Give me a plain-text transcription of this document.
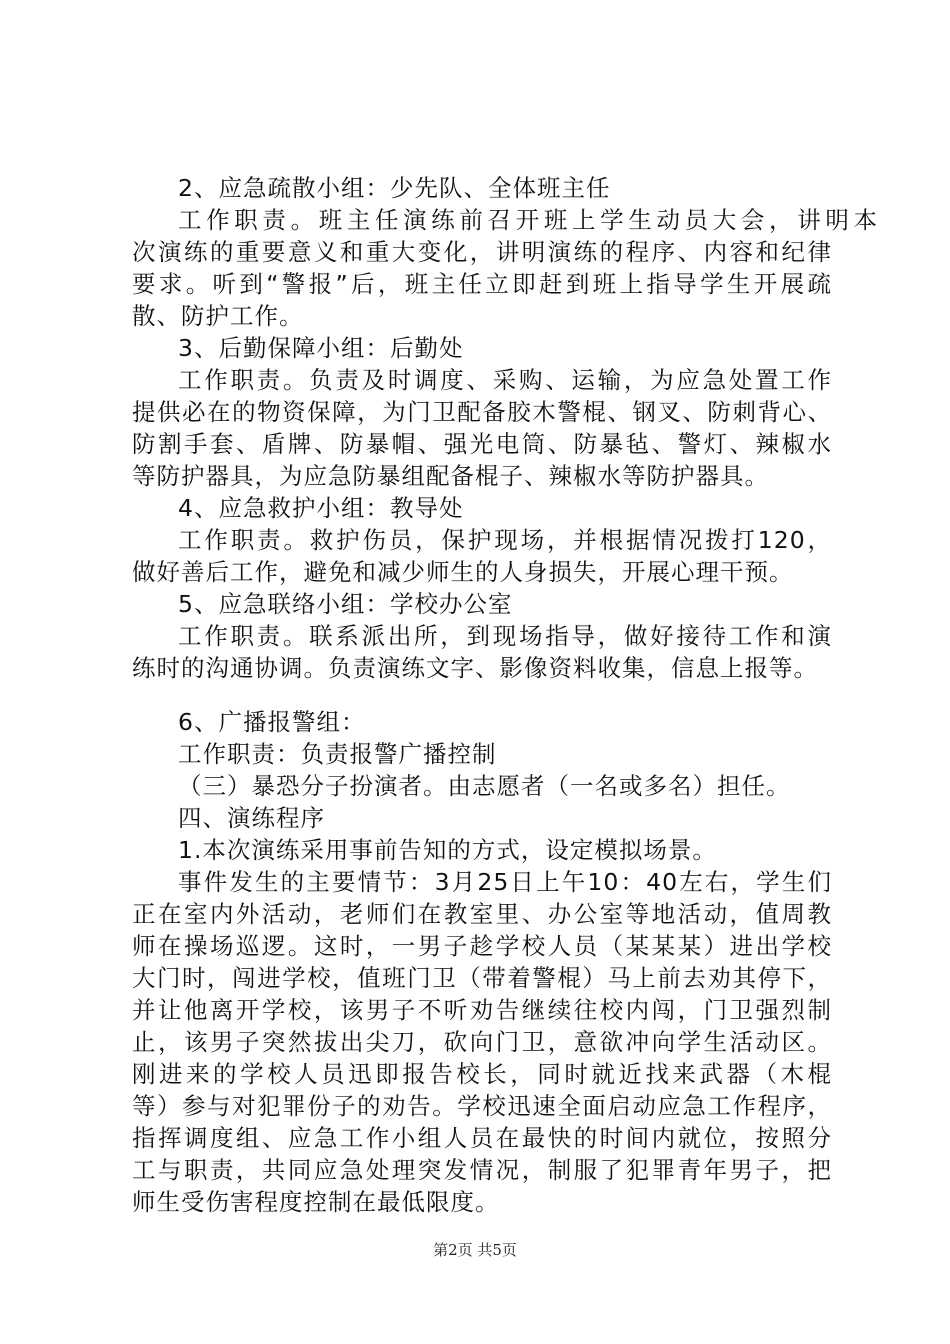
2、应急疏散小组：少先队、全体班主任
工作职责。班主任演练前召开班上学生动员大会，讲明本
次演练的重要意义和重大变化，讲明演练的程序、内容和纪律
要求。听到“警报”后，班主任立即赶到班上指导学生开展疏
散、防护工作。
3、后勤保障小组：后勤处
工作职责。负责及时调度、采购、运输，为应急处置工作
提供必在的物资保障，为门卫配备胶木警棍、钢叉、防刺背心、
防割手套、盾牌、防暴帽、强光电筒、防暴毡、警灯、辣椒水
等防护器具，为应急防暴组配备棍子、辣椒水等防护器具。
4、应急救护小组：教导处
工作职责。救护伤员，保护现场，并根据情况拨打120，
做好善后工作，避免和减少师生的人身损失，开展心理干预。
5、应急联络小组：学校办公室
工作职责。联系派出所，到现场指导，做好接待工作和演
练时的沟通协调。负责演练文字、影像资料收集，信息上报等。
6、广播报警组：
工作职责：负责报警广播控制
（三）暴恐分子扮演者。由志愿者（一名或多名）担任。
四、演练程序
1.本次演练采用事前告知的方式，设定模拟场景。
事件发生的主要情节：3月25日上午10：40左右，学生们
正在室内外活动，老师们在教室里、办公室等地活动，值周教
师在操场巡逻。这时，一男子趁学校人员（某某某）进出学校
大门时，闯进学校，值班门卫（带着警棍）马上前去劝其停下，
并让他离开学校，该男子不听劝告继续往校内闯，门卫强烈制
止，该男子突然拔出尖刀，砍向门卫，意欲冲向学生活动区。
刚进来的学校人员迅即报告校长，同时就近找来武器（木棍
等）参与对犯罪份子的劝告。学校迅速全面启动应急工作程序，
指挥调度组、应急工作小组人员在最快的时间内就位，按照分
工与职责，共同应急处理突发情况，制服了犯罪青年男子，把
师生受伤害程度控制在最低限度。
第2页 共5页
